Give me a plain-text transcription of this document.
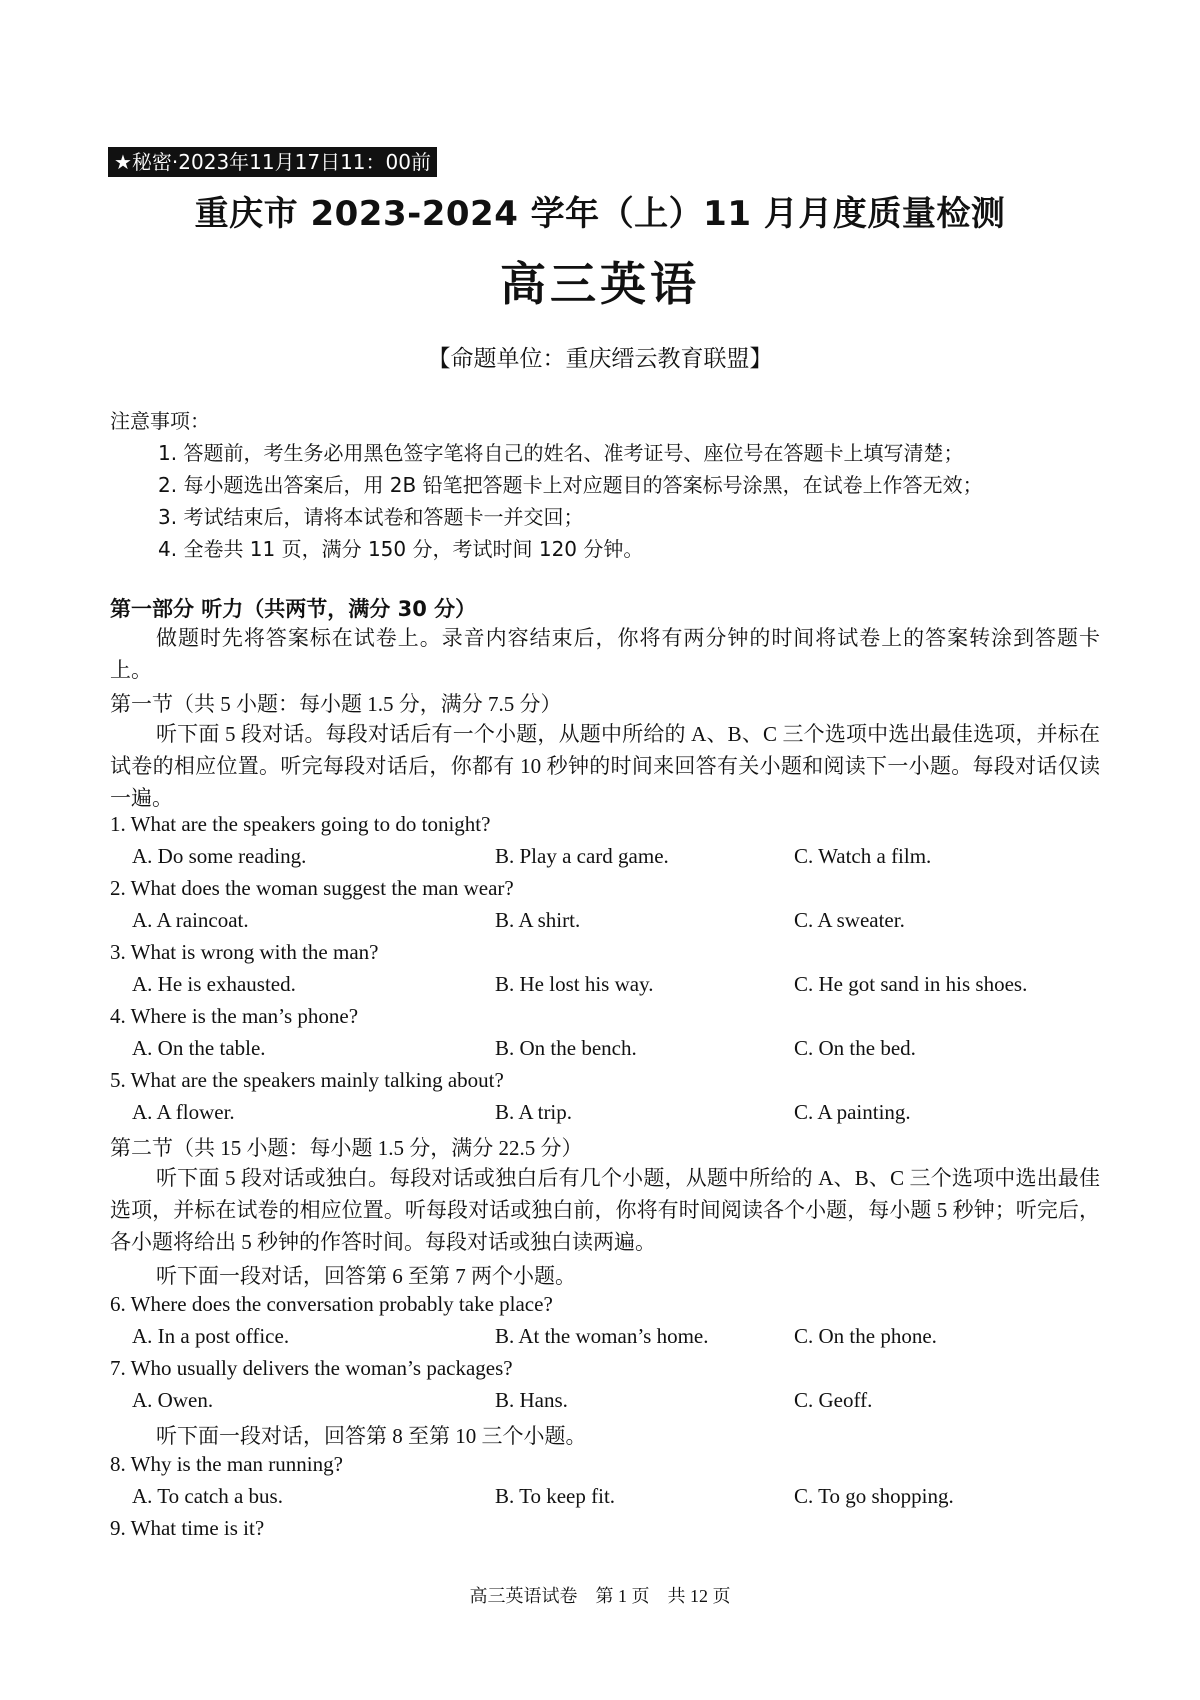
★秘密·2023年11月17日11：00前
重庆市 2023-2024 学年（上）11 月月度质量检测
高三英语
【命题单位：重庆缙云教育联盟】
注意事项：
1. 答题前，考生务必用黑色签字笔将自己的姓名、准考证号、座位号在答题卡上填写清楚；
2. 每小题选出答案后，用 2B 铅笔把答题卡上对应题目的答案标号涂黑，在试卷上作答无效；
3. 考试结束后，请将本试卷和答题卡一并交回；
4. 全卷共 11 页，满分 150 分，考试时间 120 分钟。
第一部分 听力（共两节，满分 30 分）
做题时先将答案标在试卷上。录音内容结束后，你将有两分钟的时间将试卷上的答案转涂到答题卡上。
第一节（共 5 小题：每小题 1.5 分，满分 7.5 分）
听下面 5 段对话。每段对话后有一个小题，从题中所给的 A、B、C 三个选项中选出最佳选项，并标在试卷的相应位置。听完每段对话后，你都有 10 秒钟的时间来回答有关小题和阅读下一小题。每段对话仅读一遍。
1. What are the speakers going to do tonight?
A. Do some reading.	B. Play a card game.	C. Watch a film.
2. What does the woman suggest the man wear?
A. A raincoat.	B. A shirt.	C. A sweater.
3. What is wrong with the man?
A. He is exhausted.	B. He lost his way.	C. He got sand in his shoes.
4. Where is the man’s phone?
A. On the table.	B. On the bench.	C. On the bed.
5. What are the speakers mainly talking about?
A. A flower.	B. A trip.	C. A painting.
第二节（共 15 小题：每小题 1.5 分，满分 22.5 分）
听下面 5 段对话或独白。每段对话或独白后有几个小题，从题中所给的 A、B、C 三个选项中选出最佳选项，并标在试卷的相应位置。听每段对话或独白前，你将有时间阅读各个小题，每小题 5 秒钟；听完后，各小题将给出 5 秒钟的作答时间。每段对话或独白读两遍。
听下面一段对话，回答第 6 至第 7 两个小题。
6. Where does the conversation probably take place?
A. In a post office.	B. At the woman’s home.	C. On the phone.
7. Who usually delivers the woman’s packages?
A. Owen.	B. Hans.	C. Geoff.
听下面一段对话，回答第 8 至第 10 三个小题。
8. Why is the man running?
A. To catch a bus.	B. To keep fit.	C. To go shopping.
9. What time is it?
高三英语试卷    第 1 页    共 12 页
